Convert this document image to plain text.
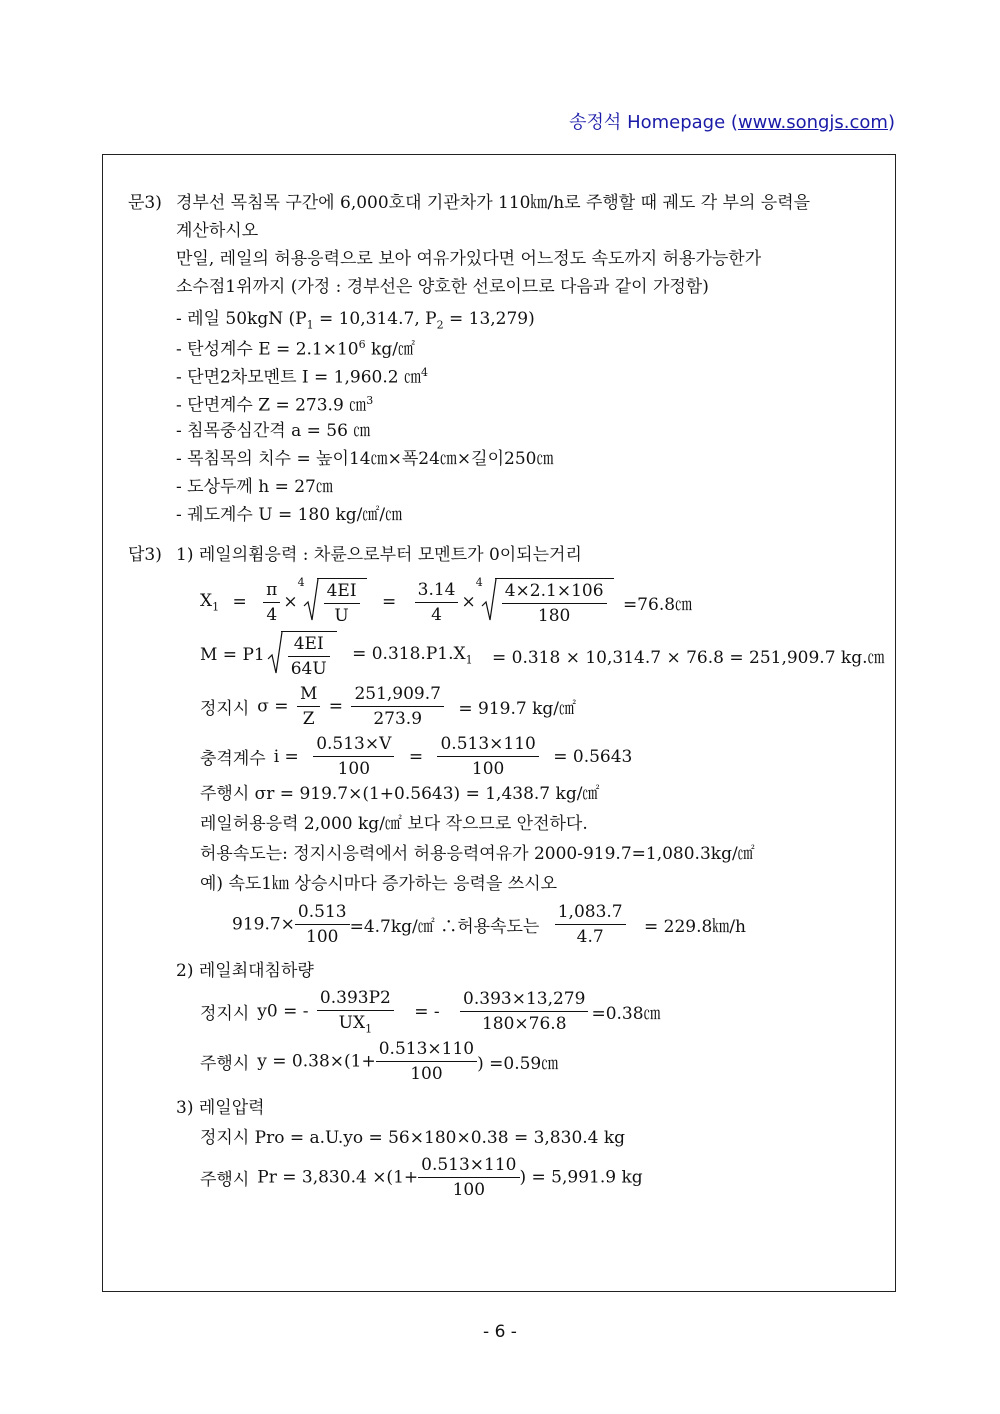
송정석 Homepage (www.songjs.com)
문3) 경부선 목침목 구간에 6,000호대 기관차가 110㎞/h로 주행할 때 궤도 각 부의 응력을
계산하시오
만일, 레일의 허용응력으로 보아 여유가있다면 어느정도 속도까지 허용가능한가
소수점1위까지 (가정 : 경부선은 양호한 선로이므로 다음과 같이 가정함)
- 레일 50kgN ($P_1 = 10,314.7$, $P_2 = 13,279$)
- 탄성계수 $E = 2.1\times 10^6$ kg/㎠
- 단면2차모멘트 I = 1,960.2 ㎝$^4$
- 단면계수 Z = 273.9 ㎝$^3$
- 침목중심간격 a = 56 ㎝
- 목침목의 치수 = 높이14㎝×폭24㎝×길이250㎝
- 도상두께 h = 27㎝
- 궤도계수 U = 180 kg/㎠/㎝
답3) 1) 레일의휨응력 : 차륜으로부터 모멘트가 0이되는거리
$X_1 = \frac{\pi}{4} \times^4 \frac{4EI}{U} = \frac{3.14}{4} \times^4 \frac{4\times 2.1\times 106}{180}$ =76.8㎝
$M = P1 \frac{4EI}{64U} = 0.318.P1.X_1 = 0.318 \times 10,314.7 \times 76.8 = 251,909.7$ kg.㎝
정지시 $\sigma = \frac{M}{Z} = \frac{251,909.7}{273.9} = 919.7$ kg/㎠
충격계수 $i = \frac{0.513\times V}{100} = \frac{0.513\times 110}{100} = 0.5643$
주행시 σr = 919.7×(1+0.5643) = 1,438.7 kg/㎠
레일허용응력 2,000 kg/㎠ 보다 작으므로 안전하다.
허용속도는: 정지시응력에서 허용응력여유가 2000-919.7=1,080.3kg/㎠
예) 속도1㎞ 상승시마다 증가하는 응력을 쓰시오
$919.7\times \frac{0.513}{100}$ =4.7kg/㎠ ∴허용속도는 $\frac{1,083.7}{4.7}$ = 229.8㎞/h
2) 레일최대침하량
정지시 y0 = - $\frac{0.393P2}{UX_1}$ = - $\frac{0.393\times 13,279}{180\times 76.8}$ =0.38㎝
주행시 $y = 0.38\times(1+ \frac{0.513\times 110}{100}$ ) =0.59㎝
3) 레일압력
정지시 Pro = a.U.yo = 56×180×0.38 = 3,830.4 kg
주행시 $Pr = 3,830.4 \times(1+ \frac{0.513\times 110}{100}$ ) = 5,991.9 kg
- 6 -
